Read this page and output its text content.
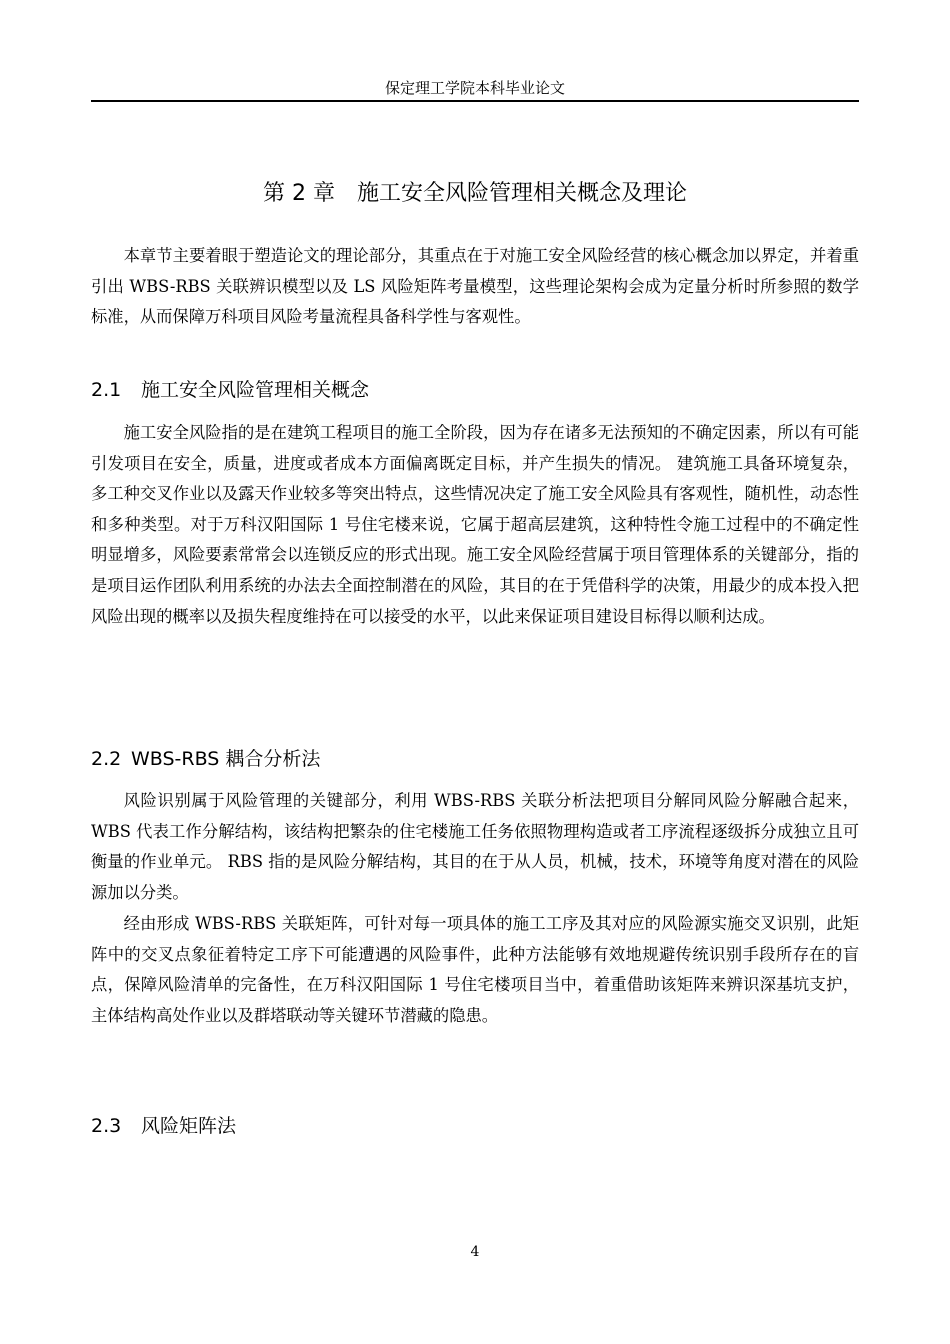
保定理工学院本科毕业论文
第 2 章 施工安全风险管理相关概念及理论

本章节主要着眼于塑造论文的理论部分，其重点在于对施工安全风险经营的核心概念加以界定，并着重引出 WBS-RBS 关联辨识模型以及 LS 风险矩阵考量模型，这些理论架构会成为定量分析时所参照的数学标准，从而保障万科项目风险考量流程具备科学性与客观性。

2.1 施工安全风险管理相关概念

施工安全风险指的是在建筑工程项目的施工全阶段，因为存在诸多无法预知的不确定因素，所以有可能引发项目在安全，质量，进度或者成本方面偏离既定目标，并产生损失的情况。 建筑施工具备环境复杂，多工种交叉作业以及露天作业较多等突出特点，这些情况决定了施工安全风险具有客观性，随机性，动态性和多种类型。对于万科汉阳国际 1 号住宅楼来说，它属于超高层建筑，这种特性令施工过程中的不确定性明显增多，风险要素常常会以连锁反应的形式出现。施工安全风险经营属于项目管理体系的关键部分，指的是项目运作团队利用系统的办法去全面控制潜在的风险，其目的在于凭借科学的决策，用最少的成本投入把风险出现的概率以及损失程度维持在可以接受的水平，以此来保证项目建设目标得以顺利达成。

2.2 WBS-RBS 耦合分析法

风险识别属于风险管理的关键部分，利用 WBS-RBS 关联分析法把项目分解同风险分解融合起来，WBS 代表工作分解结构，该结构把繁杂的住宅楼施工任务依照物理构造或者工序流程逐级拆分成独立且可衡量的作业单元。 RBS 指的是风险分解结构，其目的在于从人员，机械，技术，环境等角度对潜在的风险源加以分类。

经由形成 WBS-RBS 关联矩阵，可针对每一项具体的施工工序及其对应的风险源实施交叉识别，此矩阵中的交叉点象征着特定工序下可能遭遇的风险事件，此种方法能够有效地规避传统识别手段所存在的盲点，保障风险清单的完备性，在万科汉阳国际 1 号住宅楼项目当中，着重借助该矩阵来辨识深基坑支护，主体结构高处作业以及群塔联动等关键环节潜藏的隐患。

2.3 风险矩阵法
4
